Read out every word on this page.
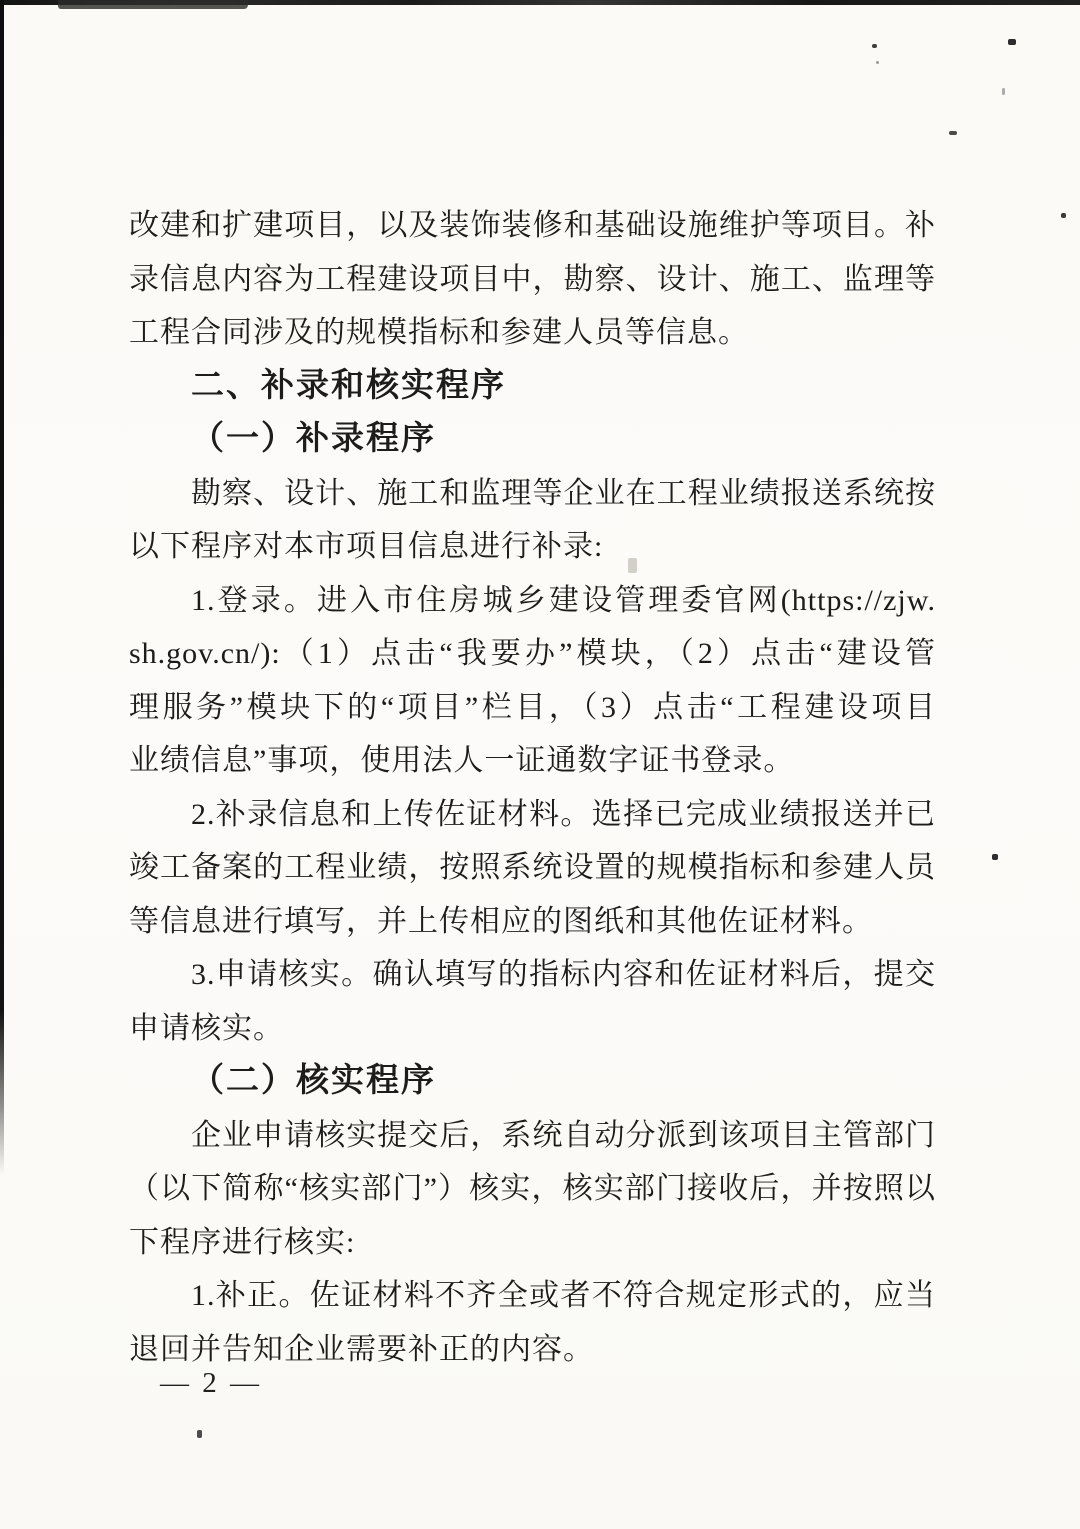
改建和扩建项目，以及装饰装修和基础设施维护等项目。补
录信息内容为工程建设项目中，勘察、设计、施工、监理等
工程合同涉及的规模指标和参建人员等信息。
二、补录和核实程序
（一）补录程序
勘察、设计、施工和监理等企业在工程业绩报送系统按
以下程序对本市项目信息进行补录:
1.登录。进入市住房城乡建设管理委官网(https://zjw.
sh.gov.cn/):（1）点击“我要办”模块，（2）点击“建设管
理服务”模块下的“项目”栏目，（3）点击“工程建设项目
业绩信息”事项，使用法人一证通数字证书登录。
2.补录信息和上传佐证材料。选择已完成业绩报送并已
竣工备案的工程业绩，按照系统设置的规模指标和参建人员
等信息进行填写，并上传相应的图纸和其他佐证材料。
3.申请核实。确认填写的指标内容和佐证材料后，提交
申请核实。
（二）核实程序
企业申请核实提交后，系统自动分派到该项目主管部门
（以下简称“核实部门”）核实，核实部门接收后，并按照以
下程序进行核实:
1.补正。佐证材料不齐全或者不符合规定形式的，应当
退回并告知企业需要补正的内容。
— 2 —
